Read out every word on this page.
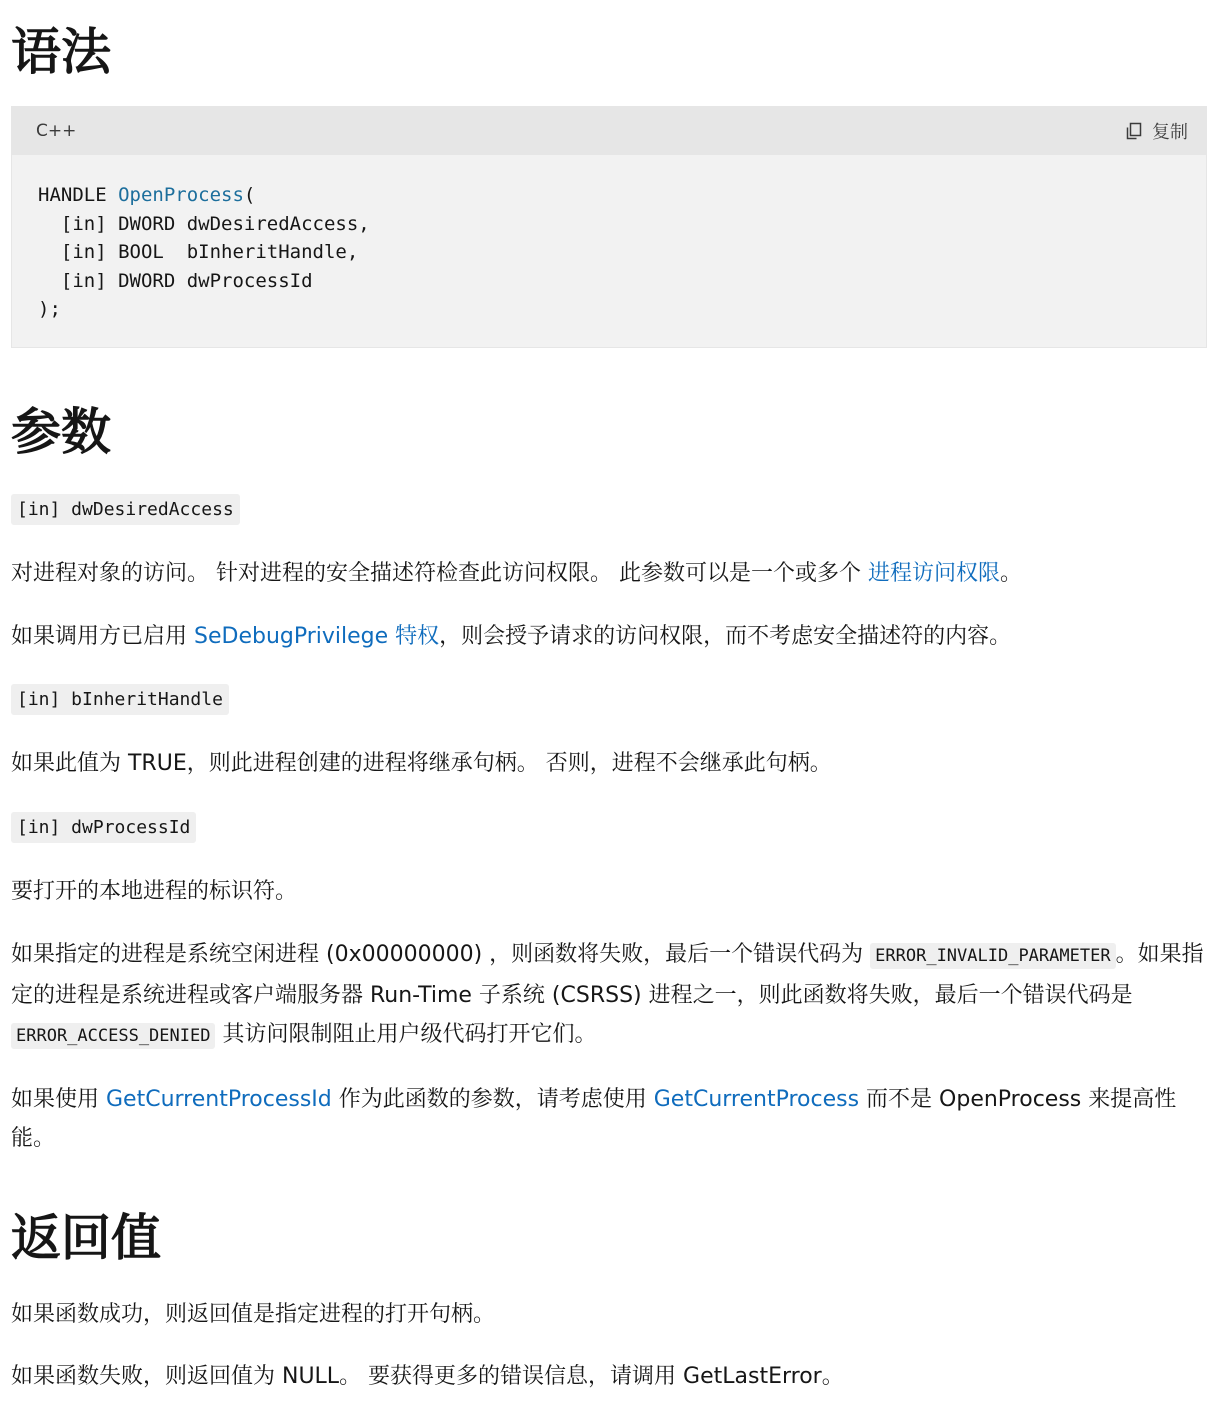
语法
C++	复制
HANDLE OpenProcess(
[in] DWORD dwDesiredAccess,
[in] BOOL  bInheritHandle,
[in] DWORD dwProcessId
);
参数
[in] dwDesiredAccess

对进程对象的访问。 针对进程的安全描述符检查此访问权限。 此参数可以是一个或多个 进程访问权限。

如果调用方已启用 SeDebugPrivilege 特权，则会授予请求的访问权限，而不考虑安全描述符的内容。

[in] bInheritHandle

如果此值为 TRUE，则此进程创建的进程将继承句柄。 否则，进程不会继承此句柄。

[in] dwProcessId

要打开的本地进程的标识符。

如果指定的进程是系统空闲进程 (0x00000000) ，则函数将失败，最后一个错误代码为 ERROR_INVALID_PARAMETER 。如果指定的进程是系统进程或客户端服务器 Run-Time 子系统 (CSRSS) 进程之一，则此函数将失败，最后一个错误代码是 ERROR_ACCESS_DENIED 其访问限制阻止用户级代码打开它们。

如果使用 GetCurrentProcessId 作为此函数的参数，请考虑使用 GetCurrentProcess 而不是 OpenProcess 来提高性能。

返回值

如果函数成功，则返回值是指定进程的打开句柄。

如果函数失败，则返回值为 NULL。 要获得更多的错误信息，请调用 GetLastError。
